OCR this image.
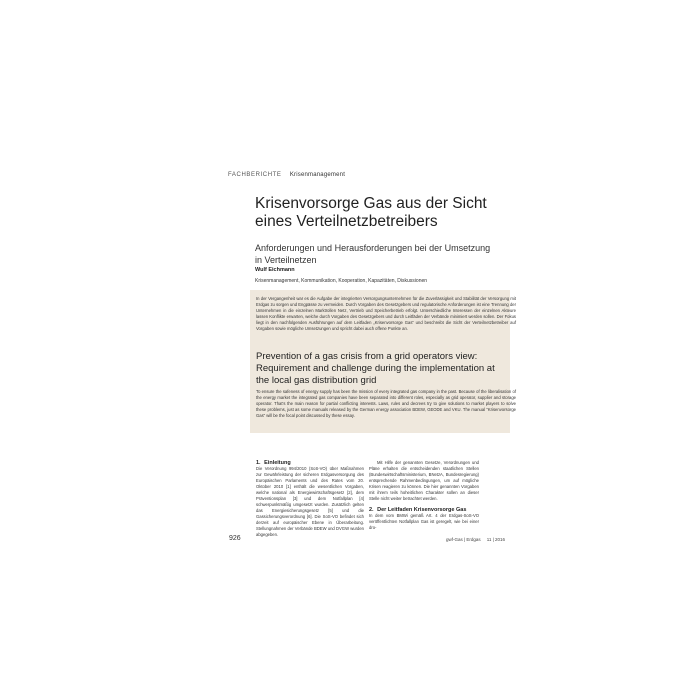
FACHBERICHTE Krisenmanagement
Krisenvorsorge Gas aus der Sicht
eines Verteilnetzbetreibers
Anforderungen und Herausforderungen bei der Umsetzung
in Verteilnetzen
Wulf Eichmann
Krisenmanagement, Kommunikation, Kooperation, Kapazitäten, Diskussionen

In der Vergangenheit war es die Aufgabe der integrierten Versorgungsunternehmen für die Zuverlässigkeit und Stabilität der Versorgung mit Erdgas zu sorgen und Engpässe zu vermeiden. Durch Vorgaben des Gesetzgebers und regulatorische Anforderungen ist eine Trennung der Unternehmen in die einzelnen Marktrollen Netz, Vertrieb und Speicherbetrieb erfolgt. Unterschiedliche Interessen der einzelnen Akteure lassen Konflikte erwarten, welche durch Vorgaben des Gesetzgebers und durch Leitfäden der Verbände minimiert werden sollen. Der Fokus liegt in den nachfolgenden Ausführungen auf dem Leitfaden „Krisenvorsorge Gas“ und beschreibt die Sicht der Verteilnetzbetreiber auf Vorgaben sowie mögliche Umsetzungen und spricht dabei auch offene Punkte an.

Prevention of a gas crisis from a grid operators view:
Requirement and challenge during the implementation at
the local gas distribution grid

To ensure the safeness of energy supply has been the mission of every integrated gas company in the past. Because of the liberalisation of the energy market the integrated gas companies have been separated into different roles, especially as grid operator, supplier and storage operator. That's the main reason for partial conflicting interests. Laws, rules and decrees try to give solutions to market players to solve these problems, just as some manuals released by the German energy association BDEW, GEODE and VKU. The manual “Krisenvorsorge Gas” will be the focal point discussed by these essay.

1. Einleitung

Die Verordnung 994/2010 (SoS-VO) über Maßnahmen zur Gewährleistung der sicheren Erdgasversorgung des Europäischen Parlaments und des Rates vom 20. Oktober 2010 [1] enthält die wesentlichen Vorgaben, welche national als Energiewirtschaftsgesetz [2], dem Präventionsplan [3] und dem Notfallplan [4] schwerpunktmäßig umgesetzt wurden. Zusätzlich gelten das Energiesicherungsgesetz [5] und die Gassicherungsverordnung [6]. Die SoS-VO befindet sich derzeit auf europäischer Ebene in Überarbeitung. Stellungnahmen der Verbände BDEW und DVGW wurden abgegeben.
Mit Hilfe der genannten Gesetze, Verordnungen und Pläne erhalten die entscheidenden staatlichen Stellen (Bundeswirtschaftsministerium, BNetzA, Bundesregierung) entsprechende Rahmenbedingungen, um auf mögliche Krisen reagieren zu können. Die hier genannten Vorgaben mit ihrem teils hoheitlichen Charakter sollen an dieser Stelle nicht weiter betrachtet werden.

2. Der Leitfaden Krisenvorsorge Gas

In dem vom BMWi gemäß Art. 4 der Erdgas-SoS-VO veröffentlichten Notfallplan Gas ist geregelt, wie bei einer dro-
926	gwf-Gas | Erdgas 11 | 2016
